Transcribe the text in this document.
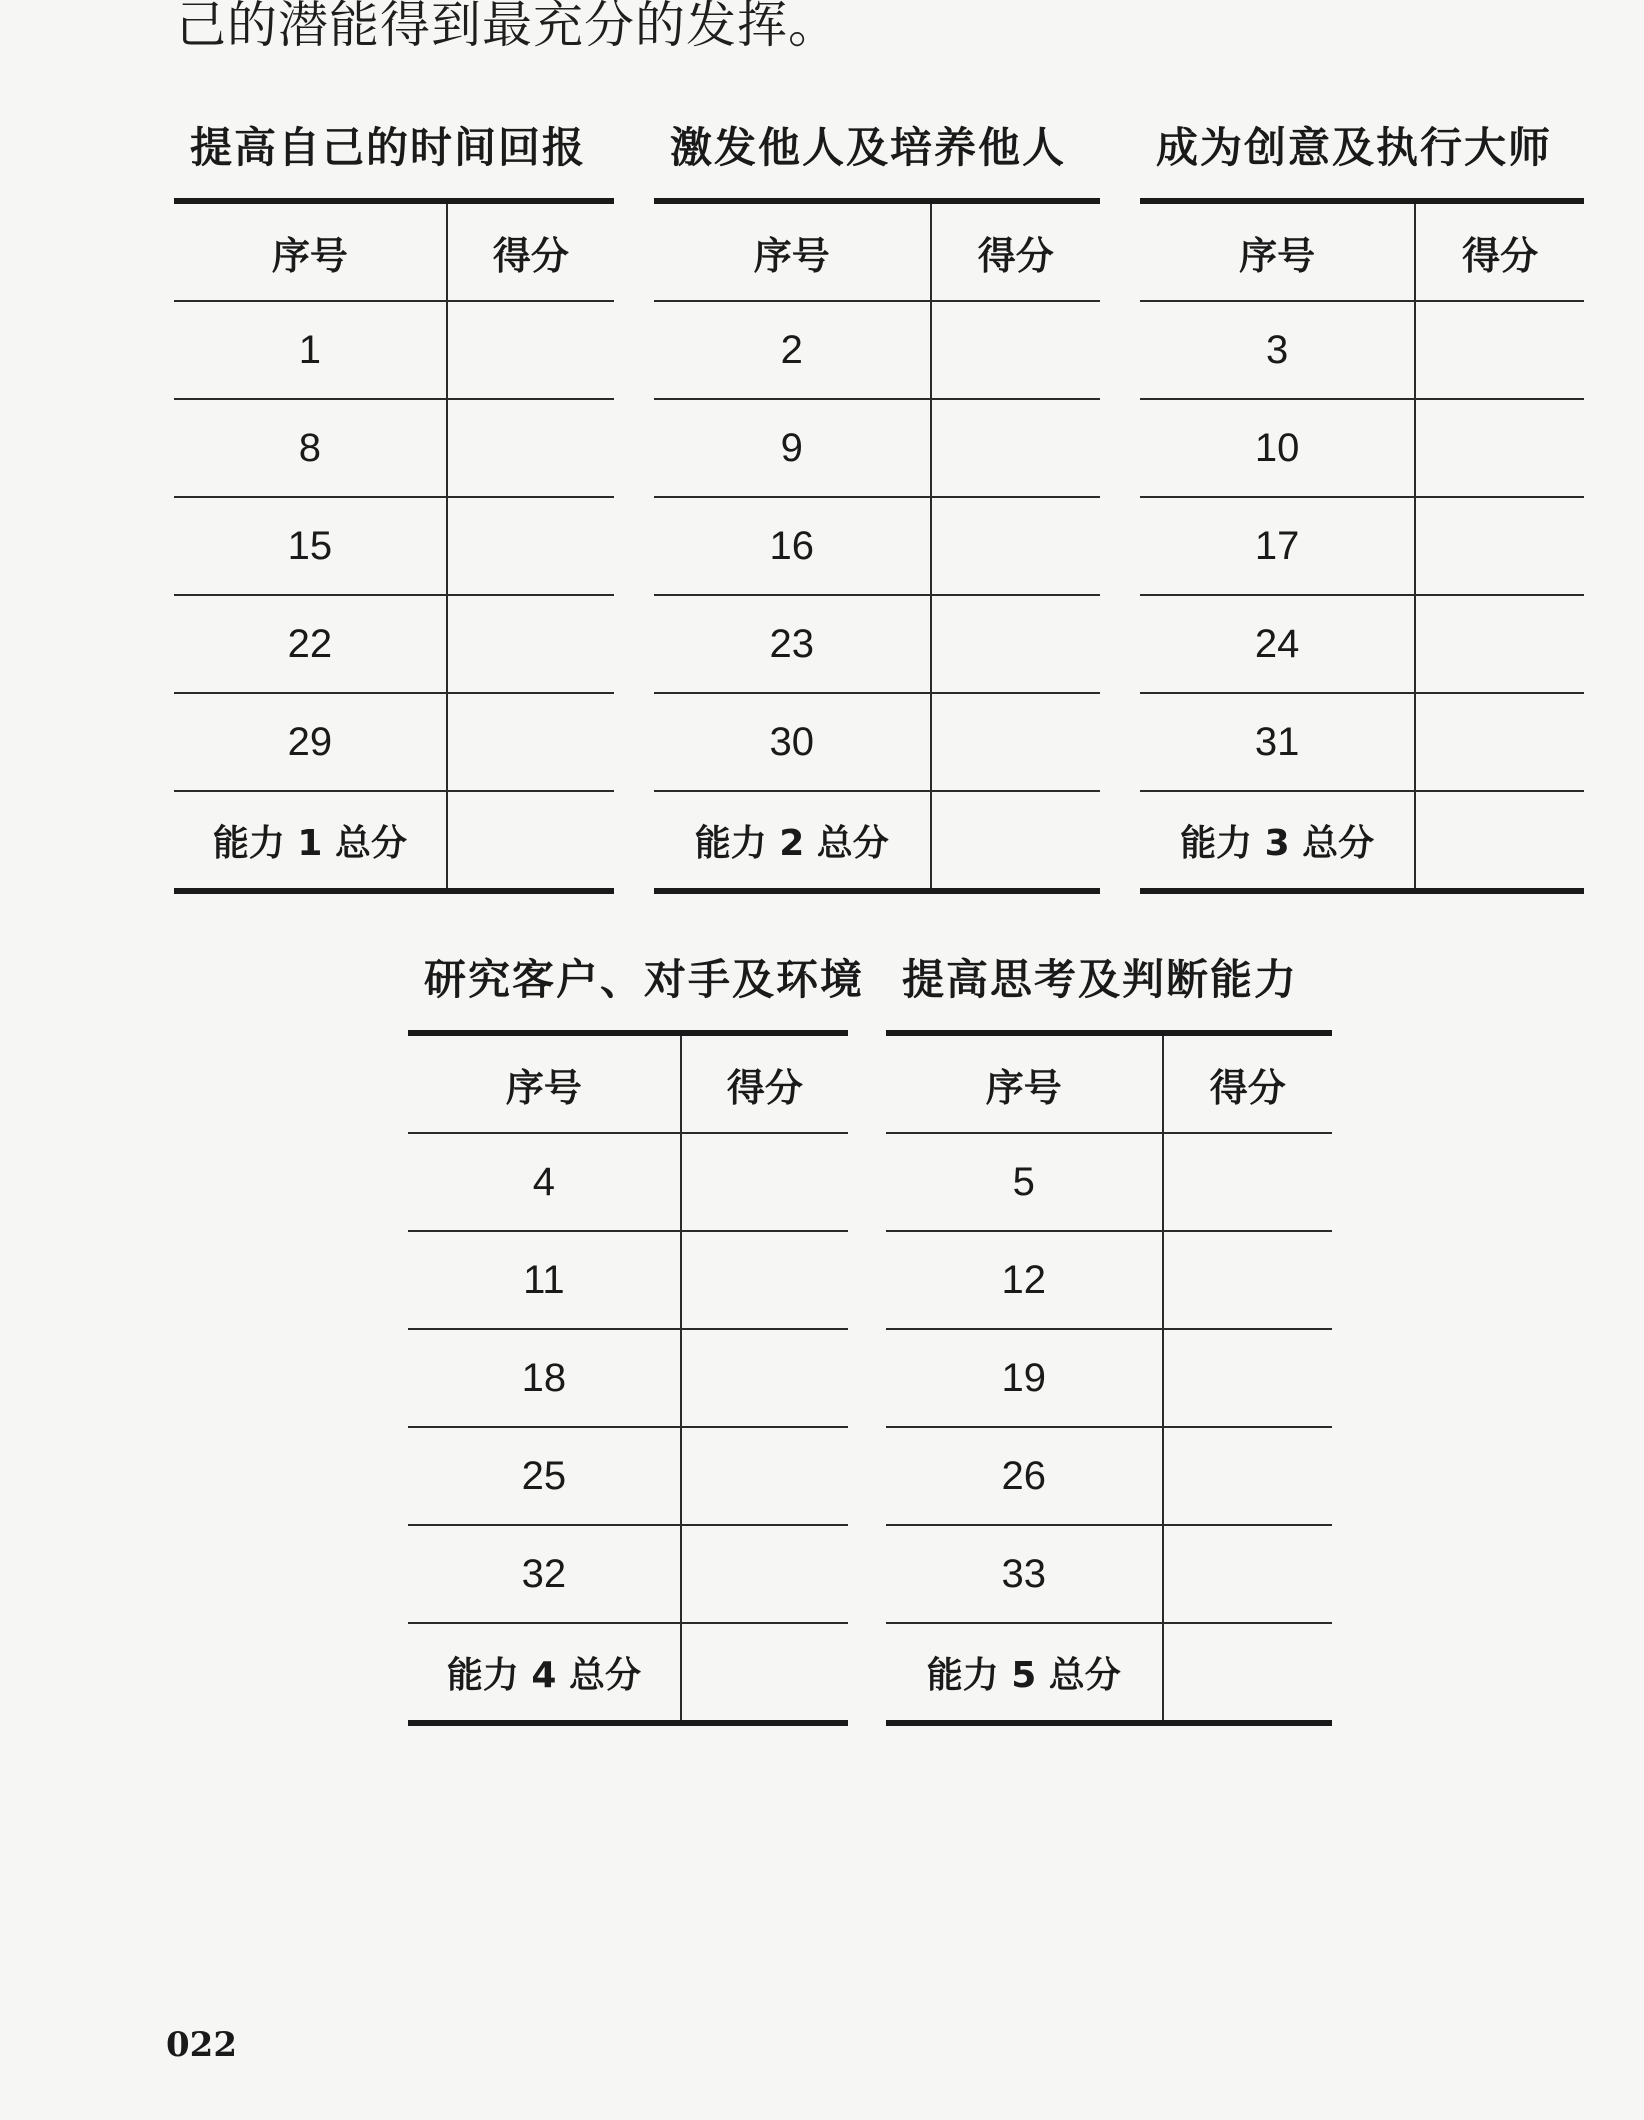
己的潜能得到最充分的发挥。
提高自己的时间回报
序号	得分
1	
8	
15	
22	
29	
能力 1 总分	
激发他人及培养他人
序号	得分
2	
9	
16	
23	
30	
能力 2 总分	
成为创意及执行大师
序号	得分
3	
10	
17	
24	
31	
能力 3 总分	
研究客户、对手及环境
序号	得分
4	
11	
18	
25	
32	
能力 4 总分	
提高思考及判断能力
序号	得分
5	
12	
19	
26	
33	
能力 5 总分	
022
